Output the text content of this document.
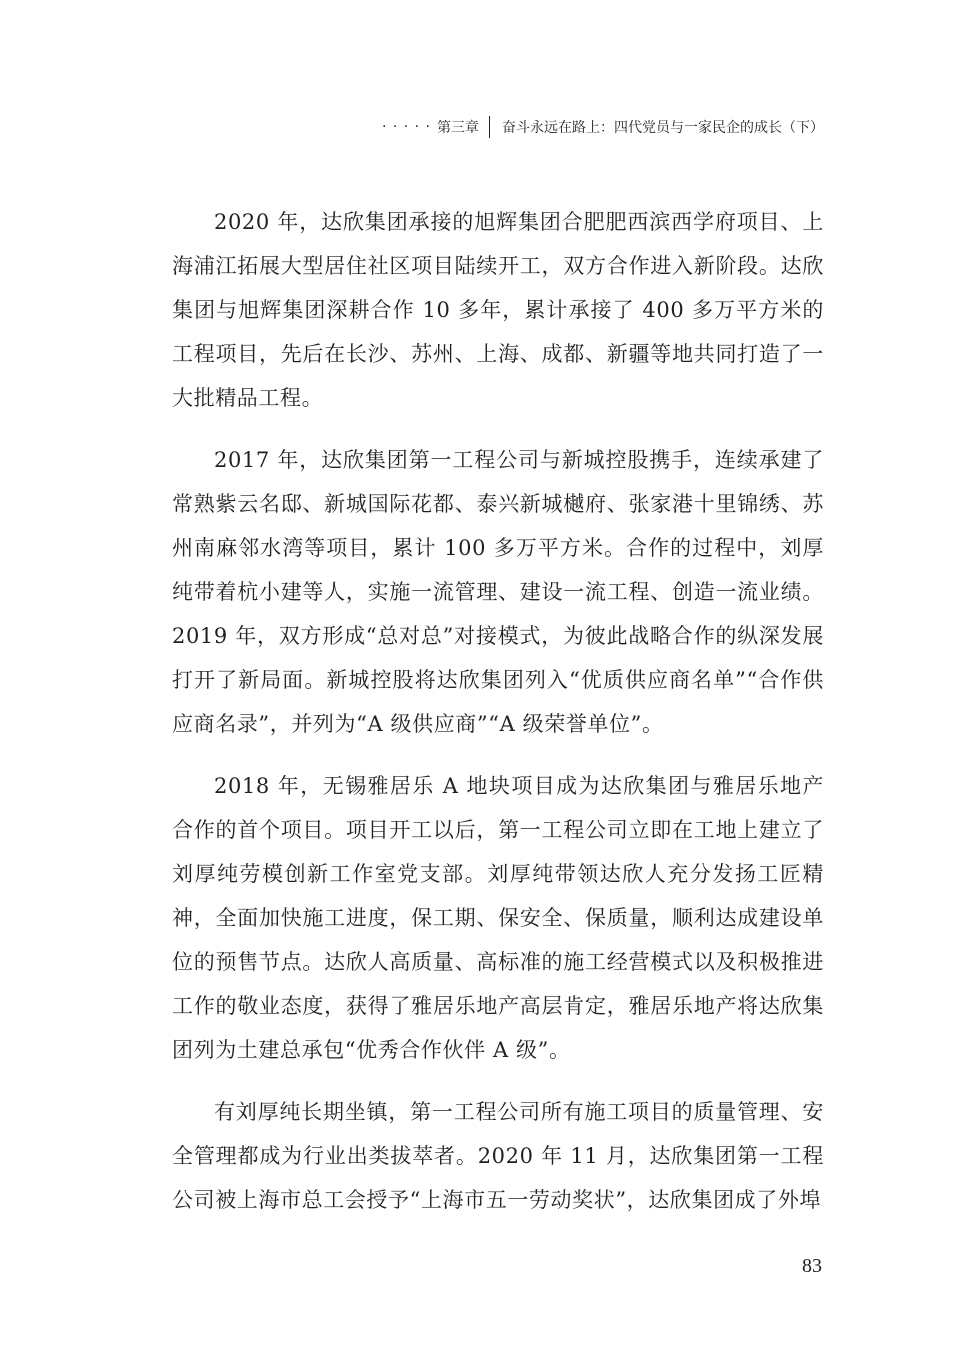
· · · · · 第三章 奋斗永远在路上：四代党员与一家民企的成长（下）

2020 年，达欣集团承接的旭辉集团合肥肥西滨西学府项目、上海浦江拓展大型居住社区项目陆续开工，双方合作进入新阶段。达欣集团与旭辉集团深耕合作 10 多年，累计承接了 400 多万平方米的工程项目，先后在长沙、苏州、上海、成都、新疆等地共同打造了一大批精品工程。

2017 年，达欣集团第一工程公司与新城控股携手，连续承建了常熟紫云名邸、新城国际花都、泰兴新城樾府、张家港十里锦绣、苏州南麻邻水湾等项目，累计 100 多万平方米。合作的过程中，刘厚纯带着杭小建等人，实施一流管理、建设一流工程、创造一流业绩。2019 年，双方形成“总对总”对接模式，为彼此战略合作的纵深发展打开了新局面。新城控股将达欣集团列入“优质供应商名单”“合作供应商名录”，并列为“A 级供应商”“A 级荣誉单位”。

2018 年，无锡雅居乐 A 地块项目成为达欣集团与雅居乐地产合作的首个项目。项目开工以后，第一工程公司立即在工地上建立了刘厚纯劳模创新工作室党支部。刘厚纯带领达欣人充分发扬工匠精神，全面加快施工进度，保工期、保安全、保质量，顺利达成建设单位的预售节点。达欣人高质量、高标准的施工经营模式以及积极推进工作的敬业态度，获得了雅居乐地产高层肯定，雅居乐地产将达欣集团列为土建总承包“优秀合作伙伴 A 级”。

有刘厚纯长期坐镇，第一工程公司所有施工项目的质量管理、安全管理都成为行业出类拔萃者。2020 年 11 月，达欣集团第一工程公司被上海市总工会授予“上海市五一劳动奖状”，达欣集团成了外埠

83
